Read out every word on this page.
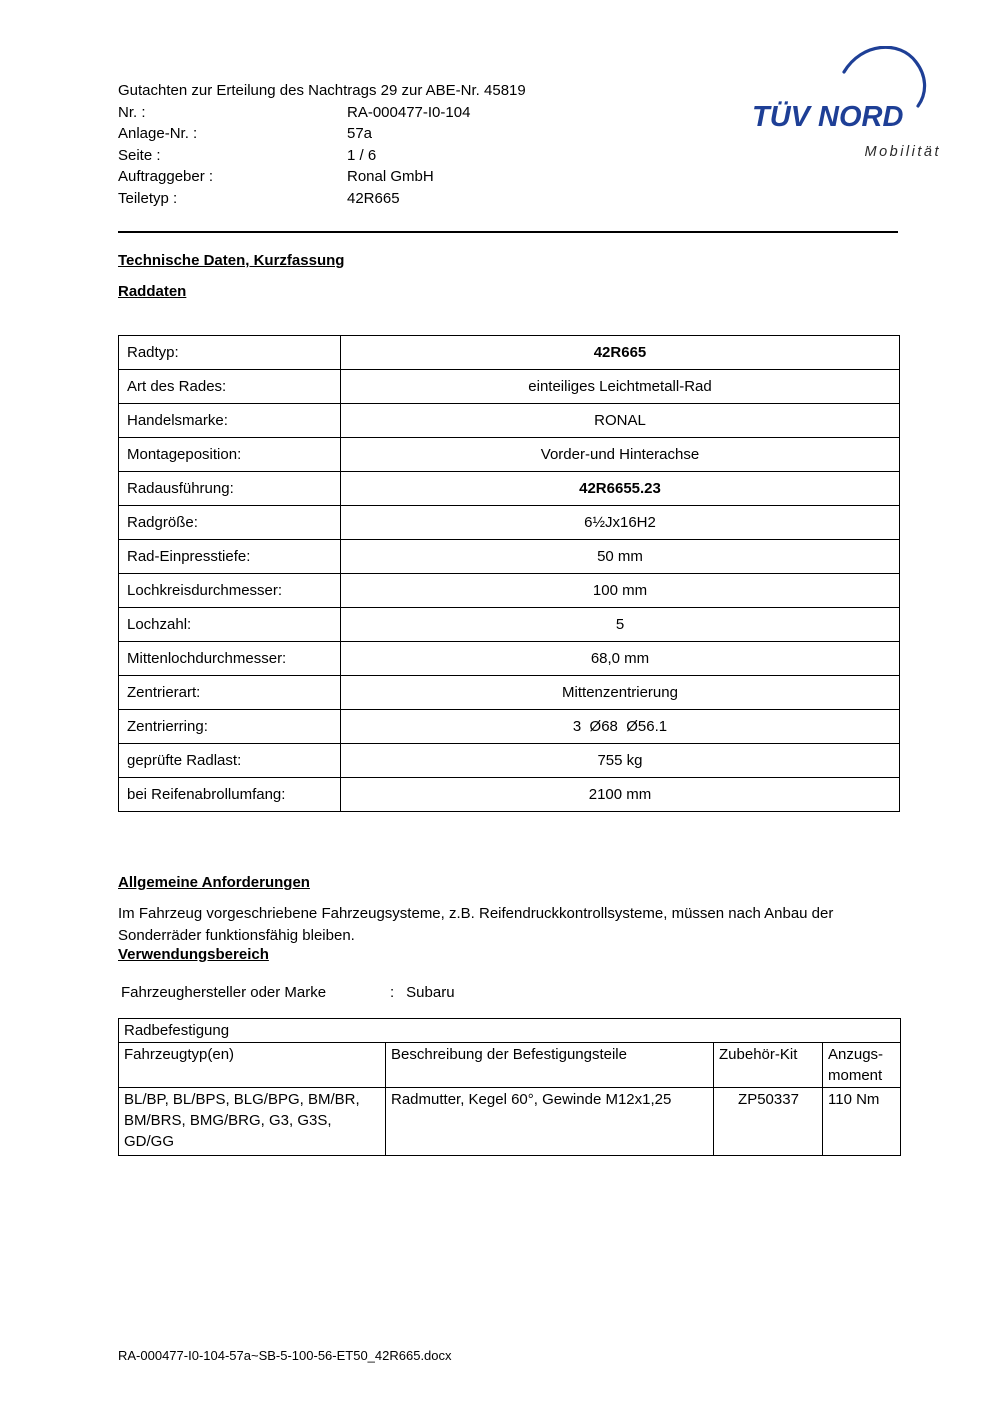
Gutachten zur Erteilung des Nachtrags 29 zur ABE-Nr. 45819
Nr. :	RA-000477-I0-104
Anlage-Nr. :	57a
Seite :	1 / 6
Auftraggeber :	Ronal GmbH
Teiletyp :	42R665
TÜV NORD
Mobilität
Technische Daten, Kurzfassung
Raddaten
Radtyp:	42R665
Art des Rades:	einteiliges Leichtmetall-Rad
Handelsmarke:	RONAL
Montageposition:	Vorder-und Hinterachse
Radausführung:	42R6655.23
Radgröße:	6½Jx16H2
Rad-Einpresstiefe:	50 mm
Lochkreisdurchmesser:	100 mm
Lochzahl:	5
Mittenlochdurchmesser:	68,0 mm
Zentrierart:	Mittenzentrierung
Zentrierring:	3  Ø68  Ø56.1
geprüfte Radlast:	755 kg
bei Reifenabrollumfang:	2100 mm
Allgemeine Anforderungen
Im Fahrzeug vorgeschriebene Fahrzeugsysteme, z.B. Reifendruckkontrollsysteme, müssen nach Anbau der Sonderräder funktionsfähig bleiben.
Verwendungsbereich
Fahrzeughersteller oder Marke	: Subaru
Radbefestigung			
Fahrzeugtyp(en)	Beschreibung der Befestigungsteile	Zubehör-Kit	Anzugs-moment
BL/BP, BL/BPS, BLG/BPG, BM/BR, BM/BRS, BMG/BRG, G3, G3S, GD/GG	Radmutter, Kegel 60°, Gewinde M12x1,25	ZP50337	110 Nm
RA-000477-I0-104-57a~SB-5-100-56-ET50_42R665.docx
